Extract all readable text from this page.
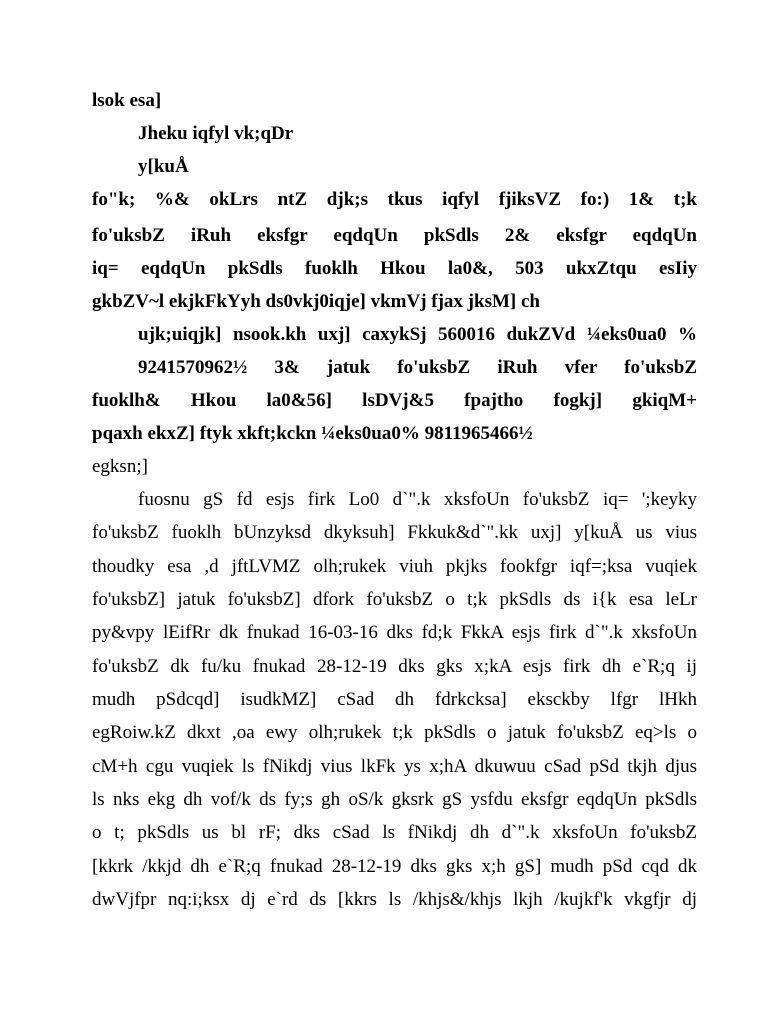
lsok esa]
Jheku iqfyl vk;qDr
y[kuÅ
fo"k; %& okLrs ntZ djk;s tkus iqfyl fjiksVZ fo:) 1& t;k
fo'uksbZ iRuh eksfgr eqdqUn pkSdls 2& eksfgr eqdqUn
iq= eqdqUn pkSdls fuoklh Hkou la0&, 503 ukxZtqu esIiy
gkbZV~l ekjkFkYyh ds0vkj0iqje] vkmVj fjax jksM] ch
ujk;uiqjk] nsook.kh uxj] caxykSj 560016 dukZVd ¼eks0ua0 %
9241570962½ 3& jatuk fo'uksbZ iRuh vfer fo'uksbZ
fuoklh& Hkou la0&56] lsDVj&5 fpajtho fogkj] gkiqM+
pqaxh ekxZ] ftyk xkft;kckn ¼eks0ua0% 9811965466½
egksn;]
fuosnu gS fd esjs firk Lo0 d`".k xksfoUn fo'uksbZ iq= ';keyky
fo'uksbZ fuoklh bUnzyksd dkyksuh] Fkkuk&d`".kk uxj] y[kuÅ us vius
thoudky esa ,d jftLVMZ olh;rukek viuh pkjks fookfgr iqf=;ksa vuqiek
fo'uksbZ] jatuk fo'uksbZ] dfork fo'uksbZ o t;k pkSdls ds i{k esa leLr
py&vpy lEifRr dk fnukad 16-03-16 dks fd;k FkkA esjs firk d`".k xksfoUn
fo'uksbZ dk fu/ku fnukad 28-12-19 dks gks x;kA esjs firk dh e`R;q ij
mudh pSdcqd] isudkMZ] cSad dh fdrkcksa] eksckby lfgr lHkh
egRoiw.kZ dkxt ,oa ewy olh;rukek t;k pkSdls o jatuk fo'uksbZ eq>ls o
cM+h cgu vuqiek ls fNikdj vius lkFk ys x;hA dkuwuu cSad pSd tkjh djus
ls nks ekg dh vof/k ds fy;s gh oS/k gksrk gS ysfdu eksfgr eqdqUn pkSdls
o t; pkSdls us bl rF; dks cSad ls fNikdj dh d`".k xksfoUn fo'uksbZ
[kkrk /kkjd dh e`R;q fnukad 28-12-19 dks gks x;h gS] mudh pSd cqd dk
dwVjfpr nq:i;ksx dj e`rd ds [kkrs ls /khjs&/khjs lkjh /kujkf'k vkgfjr dj
